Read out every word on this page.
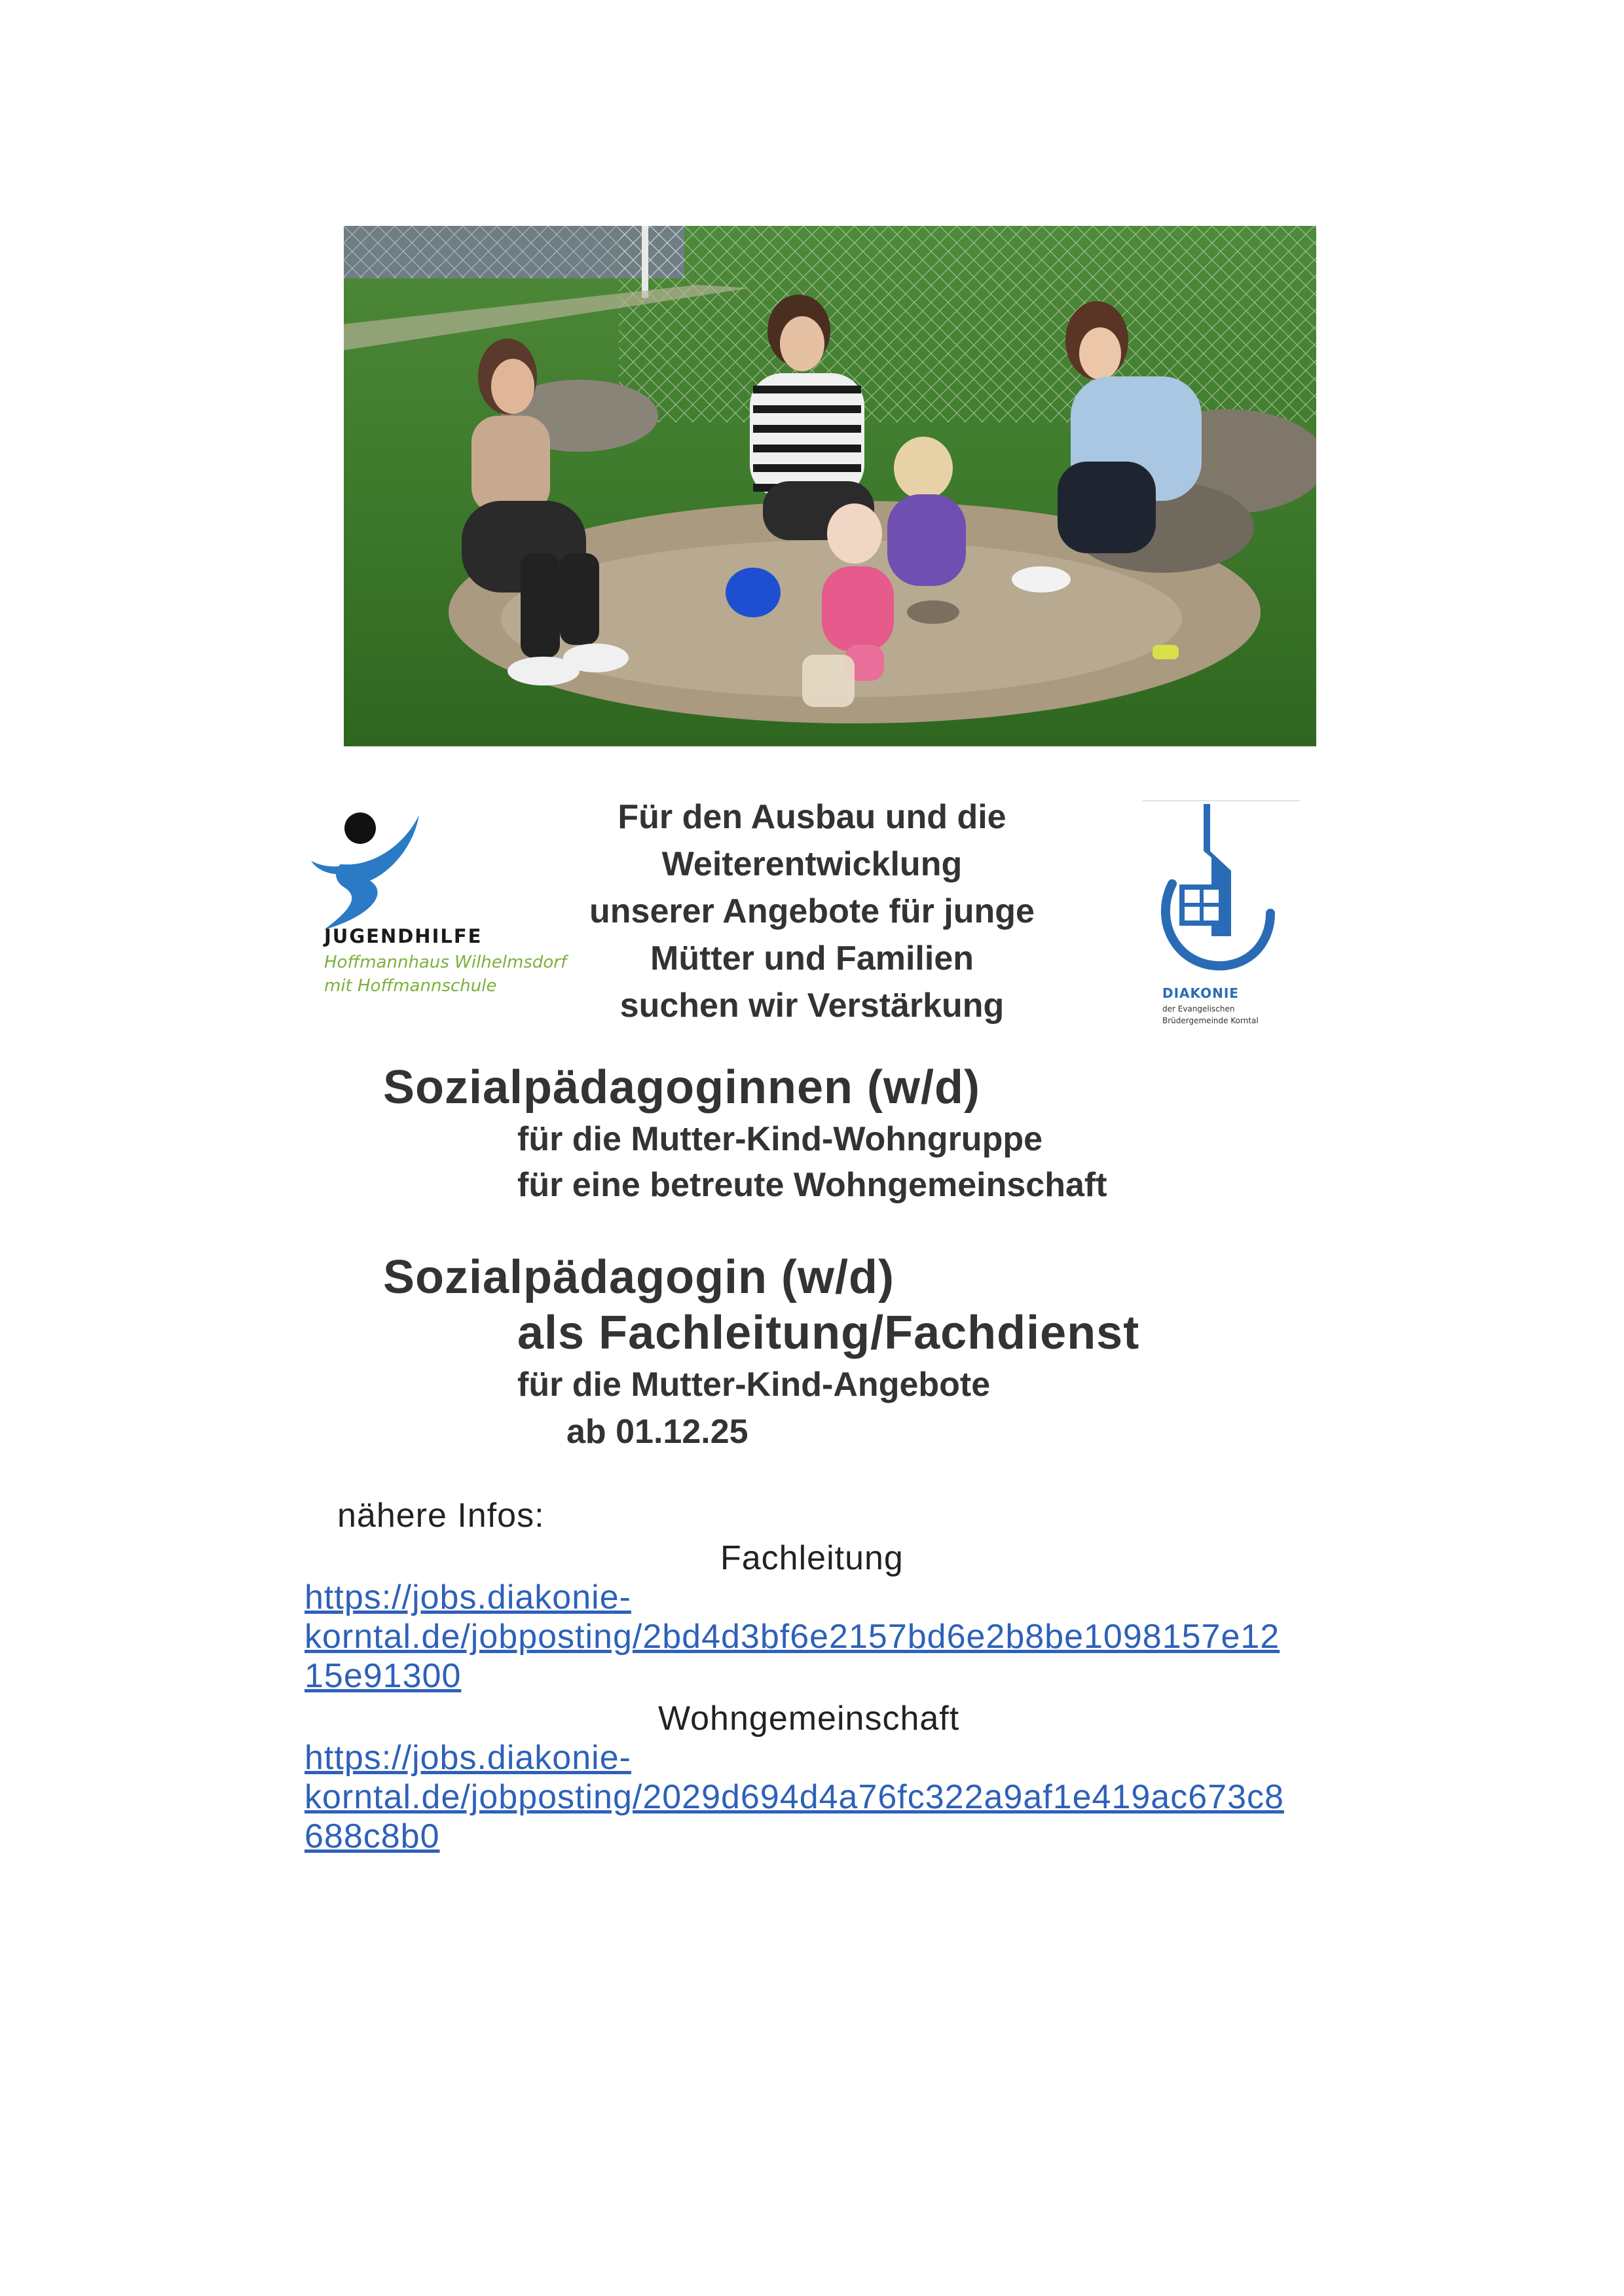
JUGENDHILFE
Hoffmannhaus Wilhelmsdorf
mit Hoffmannschule
Für den Ausbau und die
Weiterentwicklung
unserer Angebote für junge
Mütter und Familien
suchen wir Verstärkung	DIAKONIE
der Evangelischen
Brüdergemeinde Korntal
Sozialpädagoginnen (w/d)
für die Mutter-Kind-Wohngruppe
für eine betreute Wohngemeinschaft
Sozialpädagogin (w/d)
als Fachleitung/Fachdienst
für die Mutter-Kind-Angebote
ab 01.12.25
nähere Infos:
Fachleitung
https://jobs.diakonie-
korntal.de/jobposting/2bd4d3bf6e2157bd6e2b8be1098157e12
15e91300
Wohngemeinschaft
https://jobs.diakonie-
korntal.de/jobposting/2029d694d4a76fc322a9af1e419ac673c8
688c8b0
